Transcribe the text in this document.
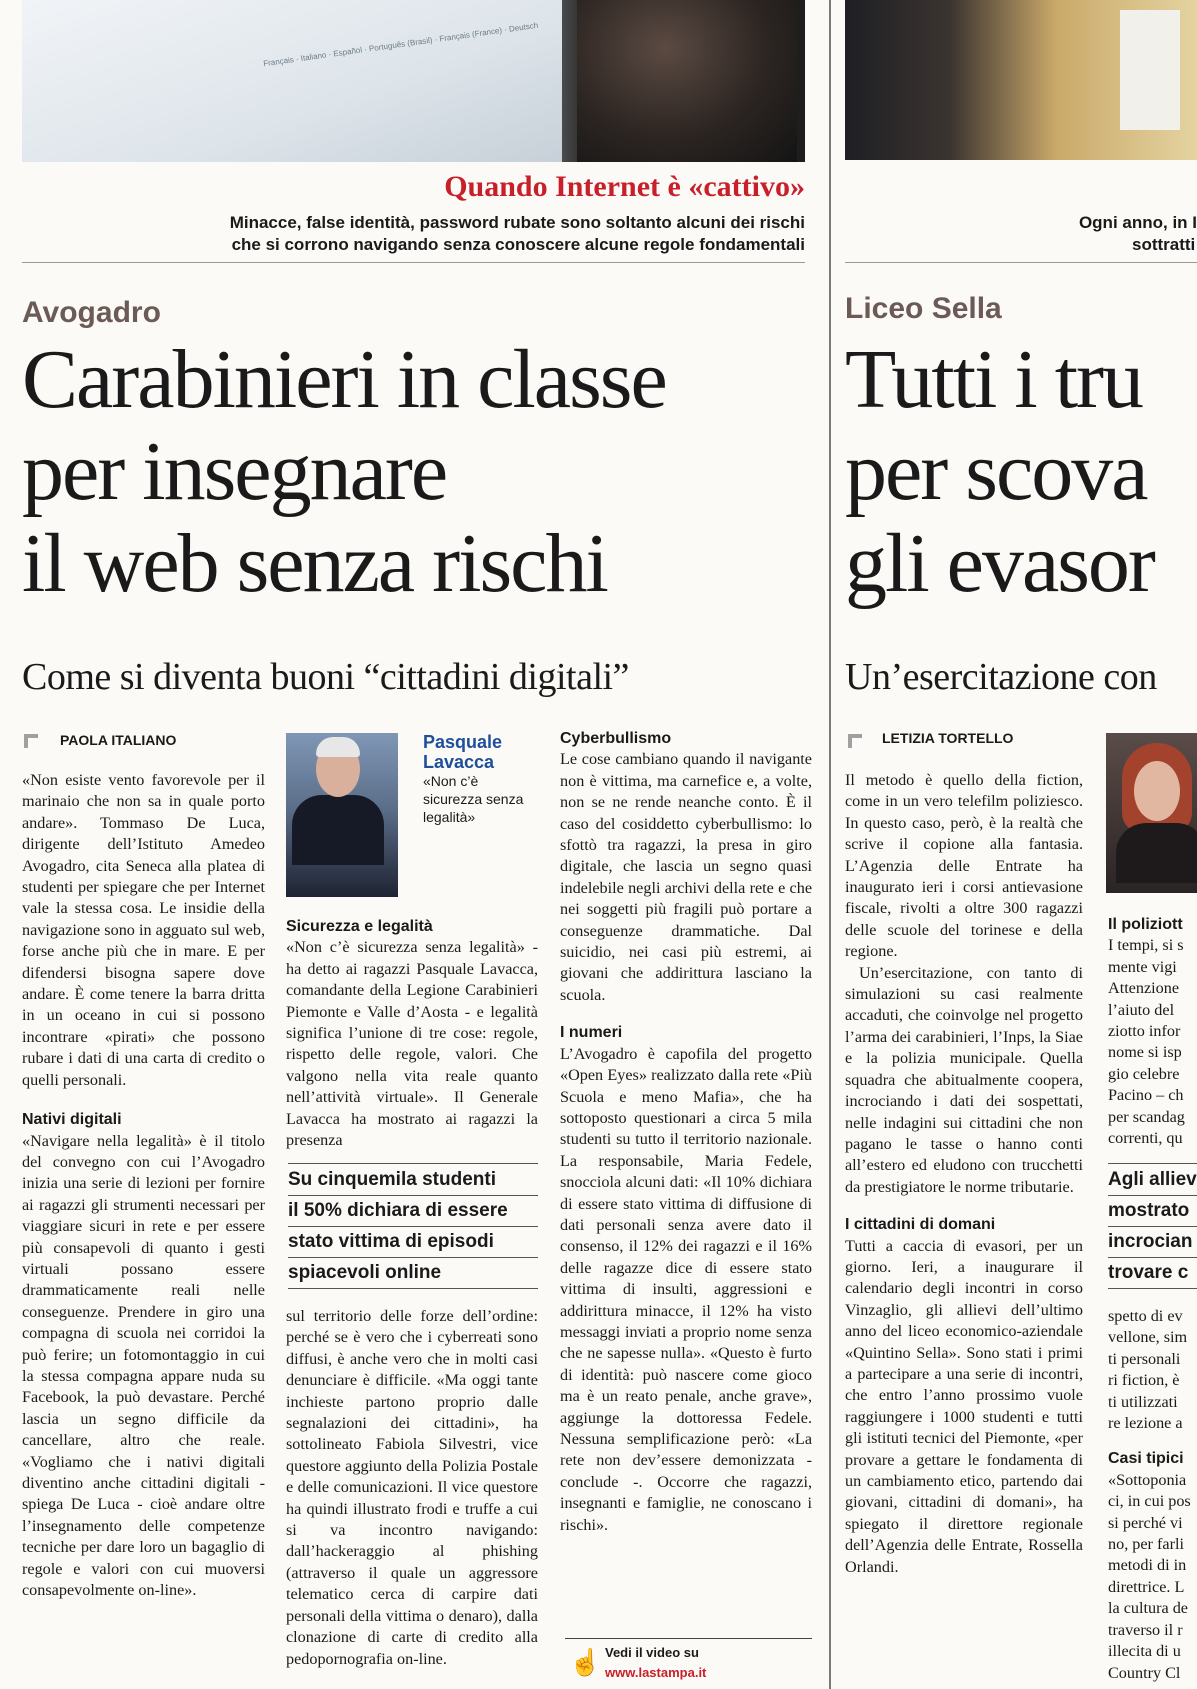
Français · Italiano · Español · Português (Brasil) · Français (France) · Deutsch
Quando Internet è «cattivo»
Minacce, false identità, password rubate sono soltanto alcuni dei rischi
che si corrono navigando senza conoscere alcune regole fondamentali
Avogadro
Carabinieri in classe
per insegnare
il web senza rischi
Come si diventa buoni “cittadini digitali”
PAOLA ITALIANO

«Non esiste vento favorevole per il marinaio che non sa in quale porto andare». Tommaso De Luca, dirigente dell’Istituto Amedeo Avogadro, cita Seneca alla platea di studenti per spiegare che per Internet vale la stessa cosa. Le insidie della navigazione sono in agguato sul web, forse anche più che in mare. E per difendersi bisogna sapere dove andare. È come tenere la barra dritta in un oceano in cui si possono incontrare «pirati» che possono rubare i dati di una carta di credito o quelli personali.

Nativi digitali

«Navigare nella legalità» è il titolo del convegno con cui l’Avogadro inizia una serie di lezioni per fornire ai ragazzi gli strumenti necessari per viaggiare sicuri in rete e per essere più consapevoli di quanto i gesti virtuali possano essere drammaticamente reali nelle conseguenze. Prendere in giro una compagna di scuola nei corridoi la può ferire; un fotomontaggio in cui la stessa compagna appare nuda su Facebook, la può devastare. Perché lascia un segno difficile da cancellare, altro che reale. «Vogliamo che i nativi digitali diventino anche cittadini digitali - spiega De Luca - cioè andare oltre l’insegnamento delle competenze tecniche per dare loro un bagaglio di regole e valori con cui muoversi consapevolmente on-line».

Pasquale
Lavacca
«Non c’è sicurezza senza legalità»

Sicurezza e legalità

«Non c’è sicurezza senza legalità» - ha detto ai ragazzi Pasquale Lavacca, comandante della Legione Carabinieri Piemonte e Valle d’Aosta - e legalità significa l’unione di tre cose: regole, rispetto delle regole, valori. Che valgono nella vita reale quanto nell’attività virtuale». Il Generale Lavacca ha mostrato ai ragazzi la presenza

Su cinquemila studenti
il 50% dichiara di essere
stato vittima di episodi
spiacevoli online

sul territorio delle forze dell’ordine: perché se è vero che i cyberreati sono diffusi, è anche vero che in molti casi denunciare è difficile. «Ma oggi tante inchieste partono proprio dalle segnalazioni dei cittadini», ha sottolineato Fabiola Silvestri, vice questore aggiunto della Polizia Postale e delle comunicazioni. Il vice questore ha quindi illustrato frodi e truffe a cui si va incontro navigando: dall’hackeraggio al phishing (attraverso il quale un aggressore telematico cerca di carpire dati personali della vittima o denaro), dalla clonazione di carte di credito alla pedopornografia on-line.

Cyberbullismo

Le cose cambiano quando il navigante non è vittima, ma carnefice e, a volte, non se ne rende neanche conto. È il caso del cosiddetto cyberbullismo: lo sfottò tra ragazzi, la presa in giro digitale, che lascia un segno quasi indelebile negli archivi della rete e che nei soggetti più fragili può portare a conseguenze drammatiche. Dal suicidio, nei casi più estremi, ai giovani che addirittura lasciano la scuola.

I numeri

L’Avogadro è capofila del progetto «Open Eyes» realizzato dalla rete «Più Scuola e meno Mafia», che ha sottoposto questionari a circa 5 mila studenti su tutto il territorio nazionale. La responsabile, Maria Fedele, snocciola alcuni dati: «Il 10% dichiara di essere stato vittima di diffusione di dati personali senza avere dato il consenso, il 12% dei ragazzi e il 16% delle ragazze dice di essere stato vittima di insulti, aggressioni e addirittura minacce, il 12% ha visto messaggi inviati a proprio nome senza che ne sapesse nulla». «Questo è furto di identità: può nascere come gioco ma è un reato penale, anche grave», aggiunge la dottoressa Fedele. Nessuna semplificazione però: «La rete non dev’essere demonizzata - conclude -. Occorre che ragazzi, insegnanti e famiglie, ne conoscano i rischi».

☝ Vedi il video su
www.lastampa.it
Ogni anno, in I
sottratti
Liceo Sella
Tutti i tru
per scova
gli evasor
Un’esercitazione con
LETIZIA TORTELLO

Il metodo è quello della fiction, come in un vero telefilm poliziesco. In questo caso, però, è la realtà che scrive il copione alla fantasia. L’Agenzia delle Entrate ha inaugurato ieri i corsi antievasione fiscale, rivolti a oltre 300 ragazzi delle scuole del torinese e della regione.

Un’esercitazione, con tanto di simulazioni su casi realmente accaduti, che coinvolge nel progetto l’arma dei carabinieri, l’Inps, la Siae e la polizia municipale. Quella squadra che abitualmente coopera, incrociando i dati dei sospettati, nelle indagini sui cittadini che non pagano le tasse o hanno conti all’estero ed eludono con trucchetti da prestigiatore le norme tributarie.

I cittadini di domani

Tutti a caccia di evasori, per un giorno. Ieri, a inaugurare il calendario degli incontri in corso Vinzaglio, gli allievi dell’ultimo anno del liceo economico-aziendale «Quintino Sella». Sono stati i primi a partecipare a una serie di incontri, che entro l’anno prossimo vuole raggiungere i 1000 studenti e tutti gli istituti tecnici del Piemonte, «per provare a gettare le fondamenta di un cambiamento etico, partendo dai giovani, cittadini di domani», ha spiegato il direttore regionale dell’Agenzia delle Entrate, Rossella Orlandi.

Il poliziott

I tempi, si s
mente vigi
Attenzione
l’aiuto del
ziotto infor
nome si isp
gio celebre
Pacino – ch
per scandag
correnti, qu
Agli alliev
mostrato
incrocian
trovare c
spetto di ev
vellone, sim
ti personali
ri fiction, è
ti utilizzati
re lezione a

Casi tipici

«Sottoponia
ci, in cui pos
si perché vi
no, per farli
metodi di in
direttrice. L
la cultura de
traverso il r
illecita di u
Country Cl
